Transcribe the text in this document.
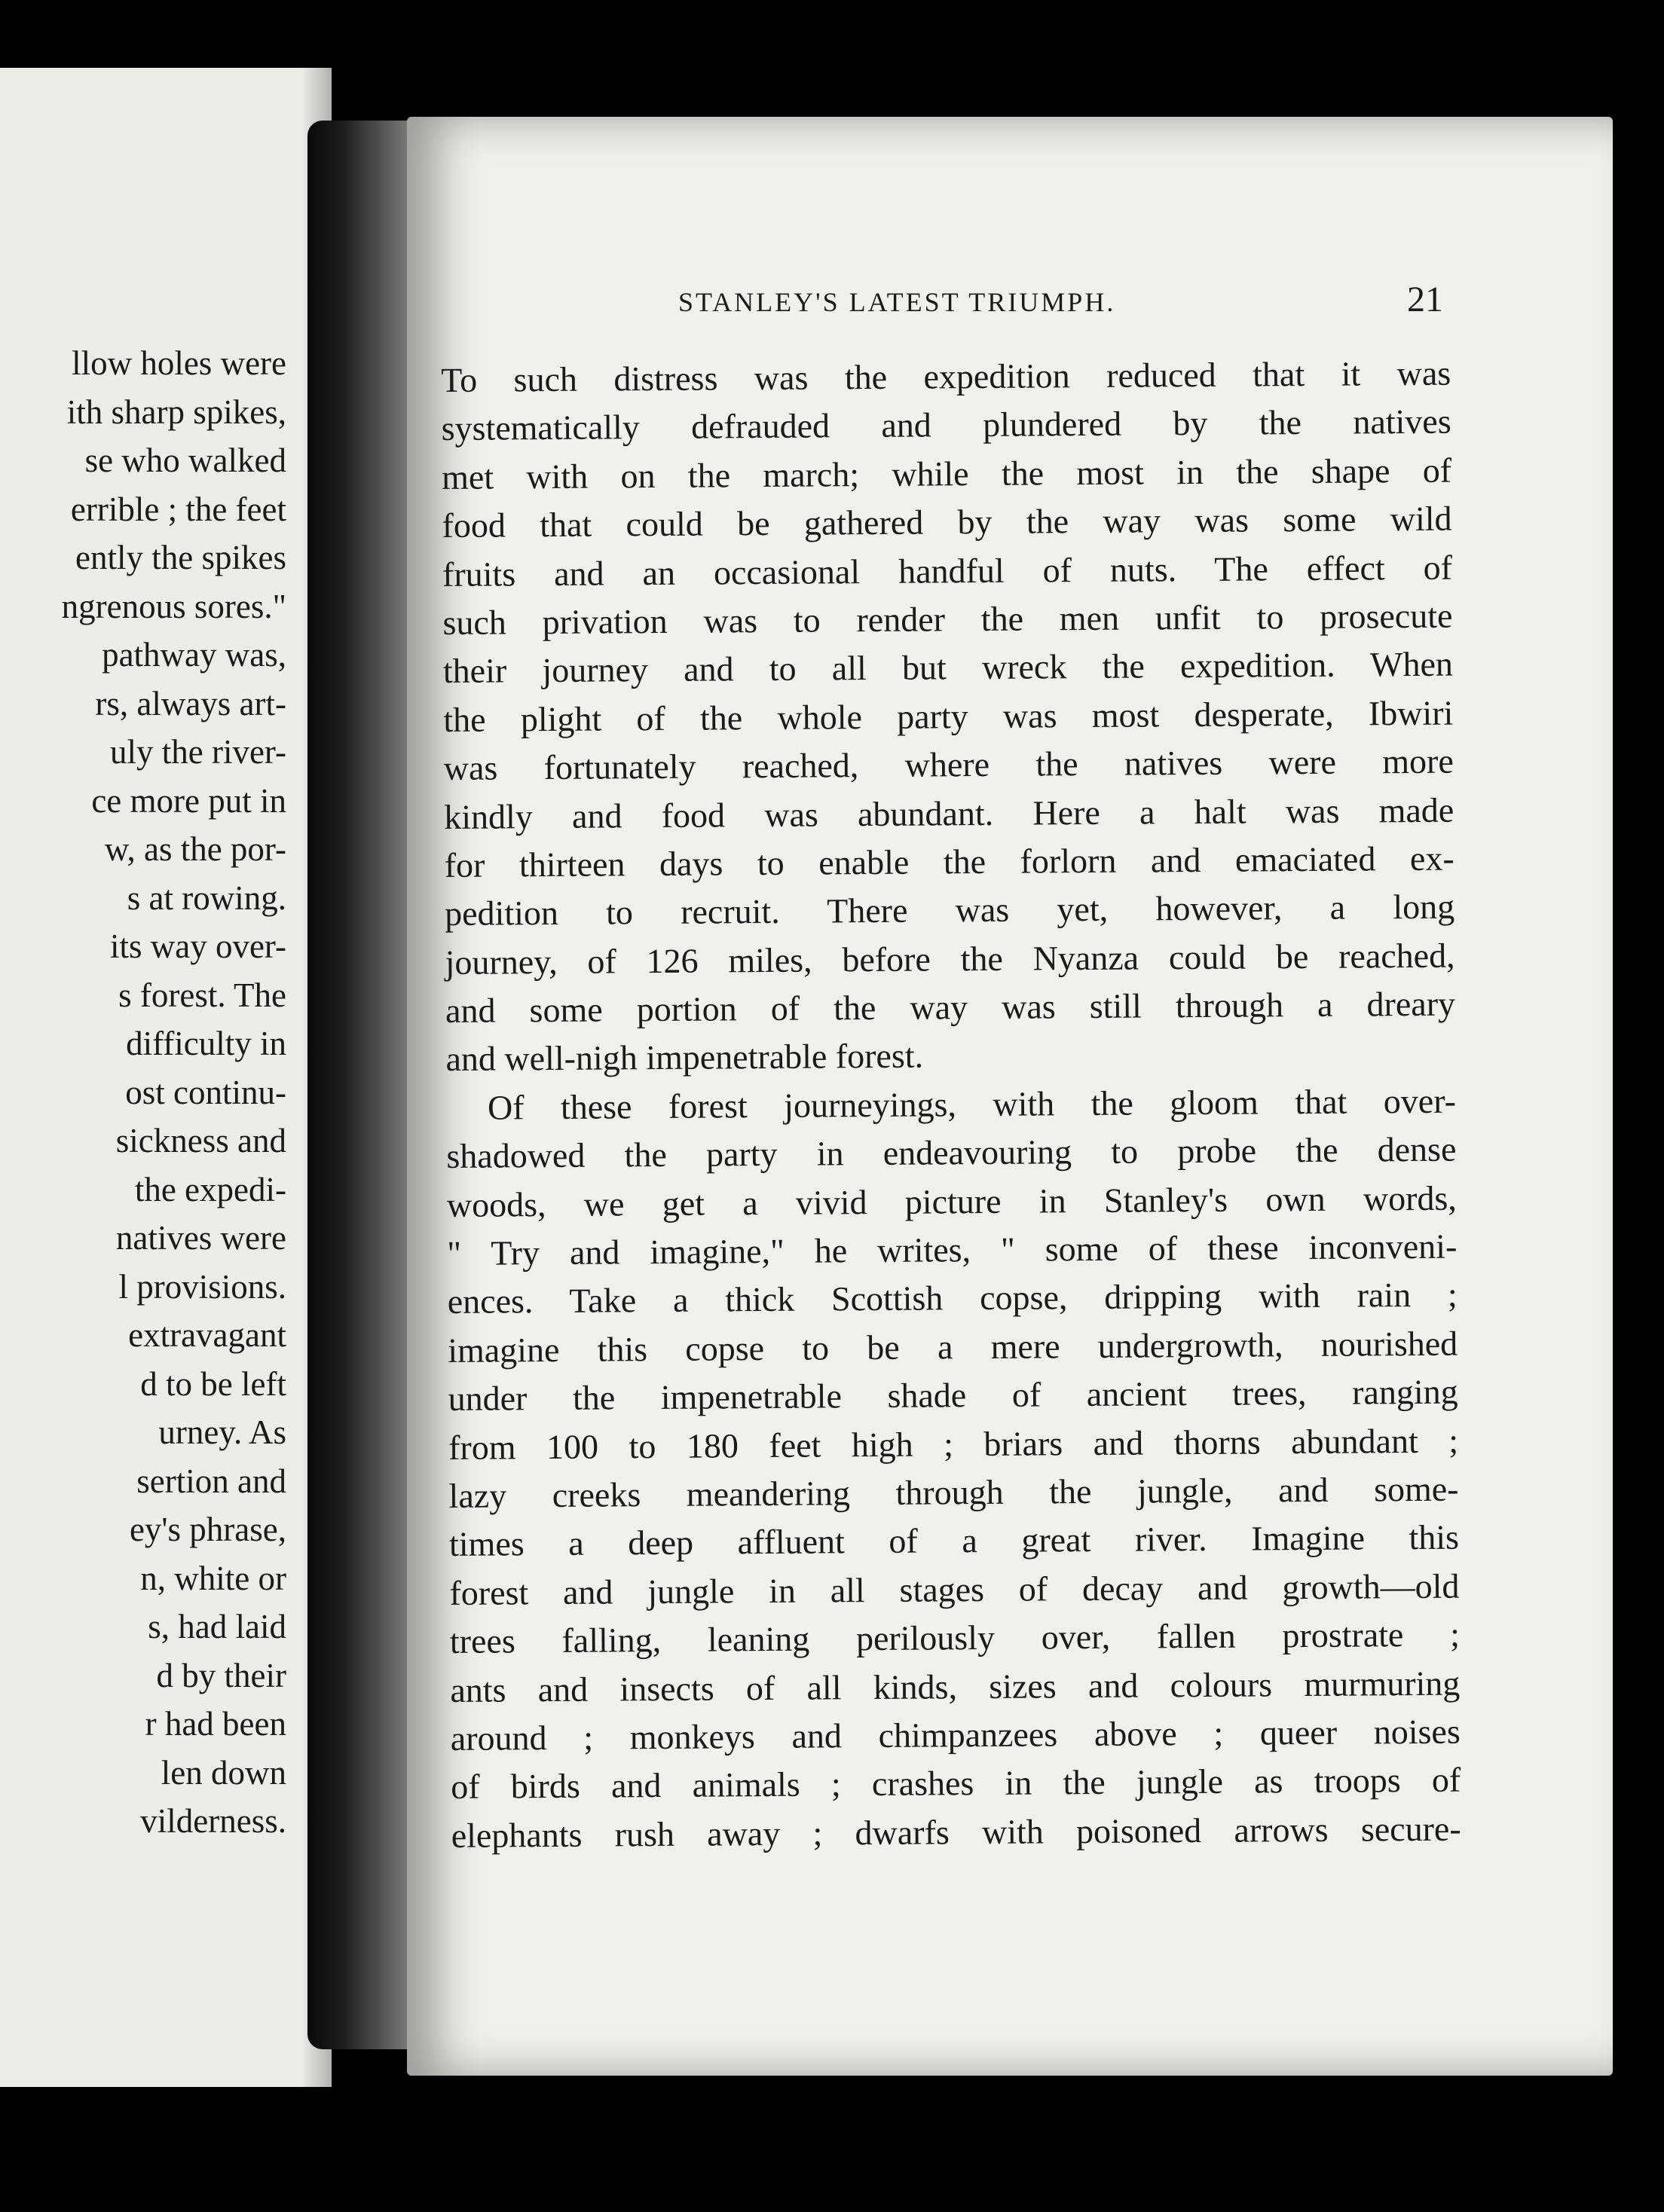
llow holes were
ith sharp spikes,
se who walked
errible ; the feet
ently the spikes
ngrenous sores."
pathway was,
rs, always art-
uly the river-
ce more put in
w, as the por-
s at rowing.
its way over-
s forest. The
difficulty in
ost continu-
sickness and
the expedi-
natives were
l provisions.
extravagant
d to be left
urney. As
sertion and
ey's phrase,
n, white or
s, had laid
d by their
r had been
len down
vilderness.
STANLEY'S LATEST TRIUMPH.	21
To such distress was the expedition reduced that it was
systematically defrauded and plundered by the natives
met with on the march; while the most in the shape of
food that could be gathered by the way was some wild
fruits and an occasional handful of nuts. The effect of
such privation was to render the men unfit to prosecute
their journey and to all but wreck the expedition. When
the plight of the whole party was most desperate, Ibwiri
was fortunately reached, where the natives were more
kindly and food was abundant. Here a halt was made
for thirteen days to enable the forlorn and emaciated ex-
pedition to recruit. There was yet, however, a long
journey, of 126 miles, before the Nyanza could be reached,
and some portion of the way was still through a dreary
and well-nigh impenetrable forest.
Of these forest journeyings, with the gloom that over-
shadowed the party in endeavouring to probe the dense
woods, we get a vivid picture in Stanley's own words,
" Try and imagine," he writes, " some of these inconveni-
ences. Take a thick Scottish copse, dripping with rain ;
imagine this copse to be a mere undergrowth, nourished
under the impenetrable shade of ancient trees, ranging
from 100 to 180 feet high ; briars and thorns abundant ;
lazy creeks meandering through the jungle, and some-
times a deep affluent of a great river. Imagine this
forest and jungle in all stages of decay and growth—old
trees falling, leaning perilously over, fallen prostrate ;
ants and insects of all kinds, sizes and colours murmuring
around ; monkeys and chimpanzees above ; queer noises
of birds and animals ; crashes in the jungle as troops of
elephants rush away ; dwarfs with poisoned arrows secure-
